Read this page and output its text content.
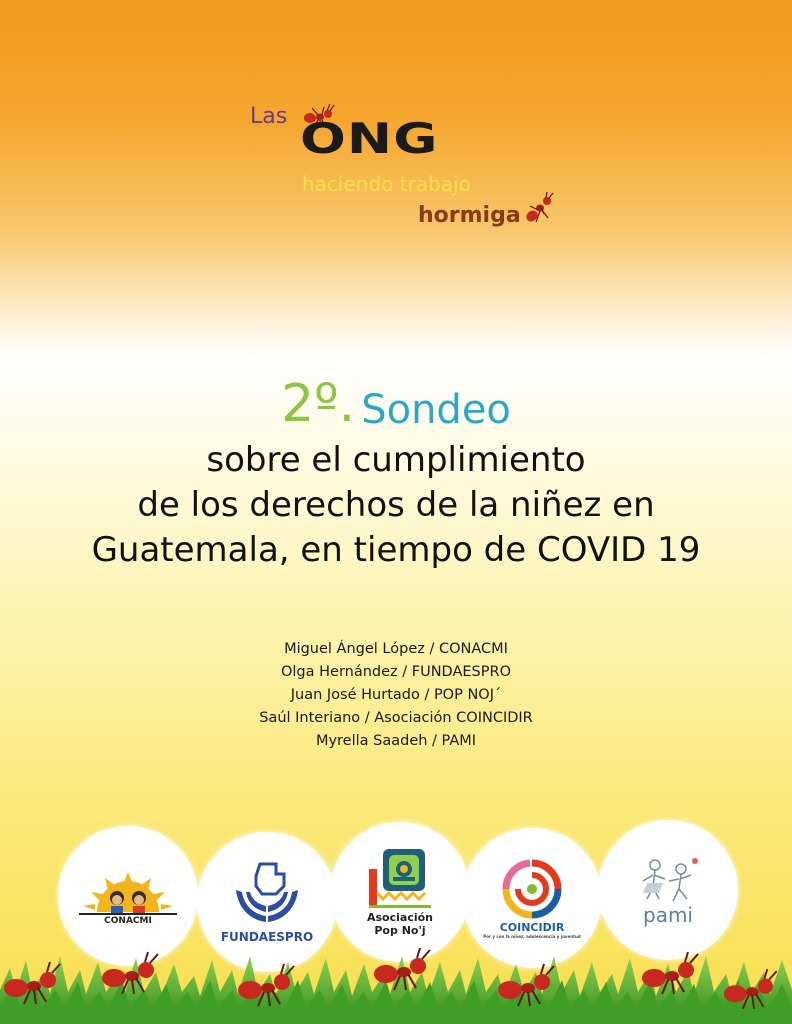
Las ONG
haciendo trabajo
hormiga
2º. Sondeo
sobre el cumplimiento
de los derechos de la niñez en
Guatemala, en tiempo de COVID 19
Miguel Ángel López / CONACMI
Olga Hernández / FUNDAESPRO
Juan José Hurtado / POP NOJ´
Saúl Interiano / Asociación COINCIDIR
Myrella Saadeh / PAMI
CONACMI
FUNDAESPRO
Asociación
Pop No'j	COINCIDIR
Por y con la niñez, adolescencia y juventud
pami
